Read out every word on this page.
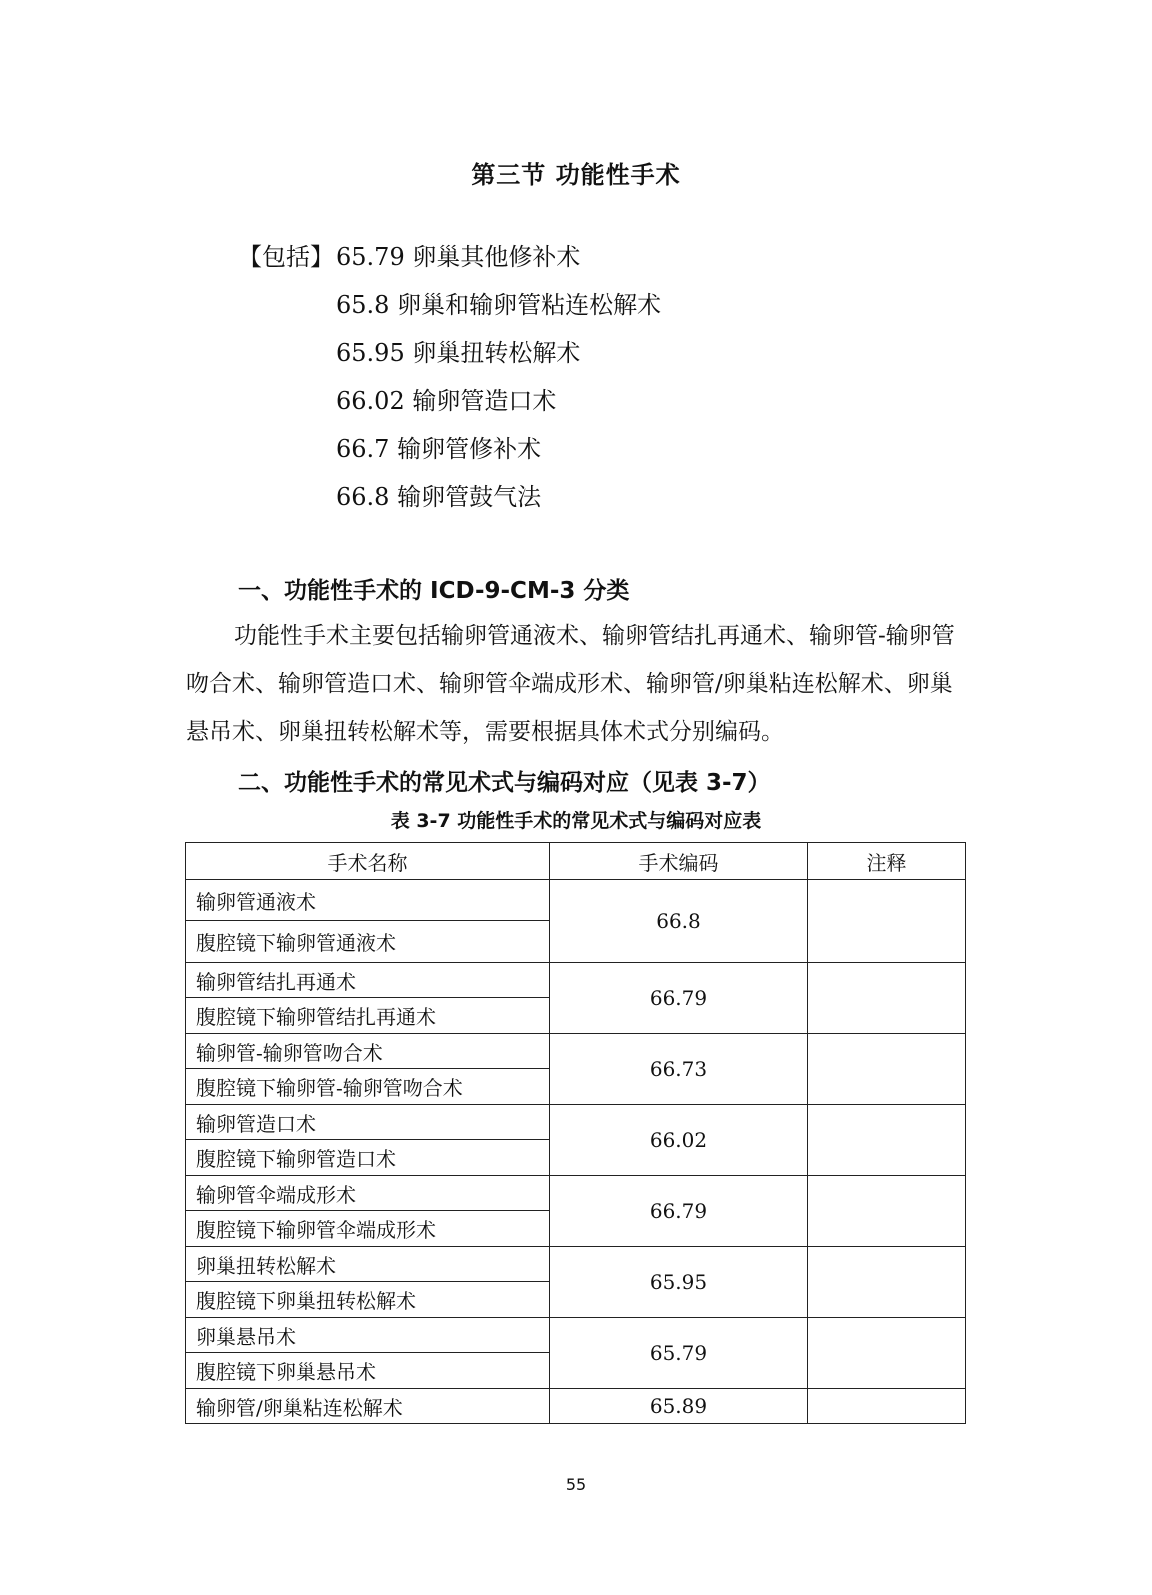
第三节 功能性手术
【包括】 65.79 卵巢其他修补术
65.8 卵巢和输卵管粘连松解术
65.95 卵巢扭转松解术
66.02 输卵管造口术
66.7 输卵管修补术
66.8 输卵管鼓气法
一、功能性手术的 ICD-9-CM-3 分类
功能性手术主要包括输卵管通液术、输卵管结扎再通术、输卵管-输卵管吻合术、输卵管造口术、输卵管伞端成形术、输卵管/卵巢粘连松解术、卵巢悬吊术、卵巢扭转松解术等，需要根据具体术式分别编码。
二、功能性手术的常见术式与编码对应（见表 3-7）
表 3-7 功能性手术的常见术式与编码对应表
手术名称	手术编码	注释
输卵管通液术	66.8	
腹腔镜下输卵管通液术		
输卵管结扎再通术	66.79	
腹腔镜下输卵管结扎再通术		
输卵管-输卵管吻合术	66.73	
腹腔镜下输卵管-输卵管吻合术		
输卵管造口术	66.02	
腹腔镜下输卵管造口术		
输卵管伞端成形术	66.79	
腹腔镜下输卵管伞端成形术		
卵巢扭转松解术	65.95	
腹腔镜下卵巢扭转松解术		
卵巢悬吊术	65.79	
腹腔镜下卵巢悬吊术		
输卵管/卵巢粘连松解术	65.89	
55
